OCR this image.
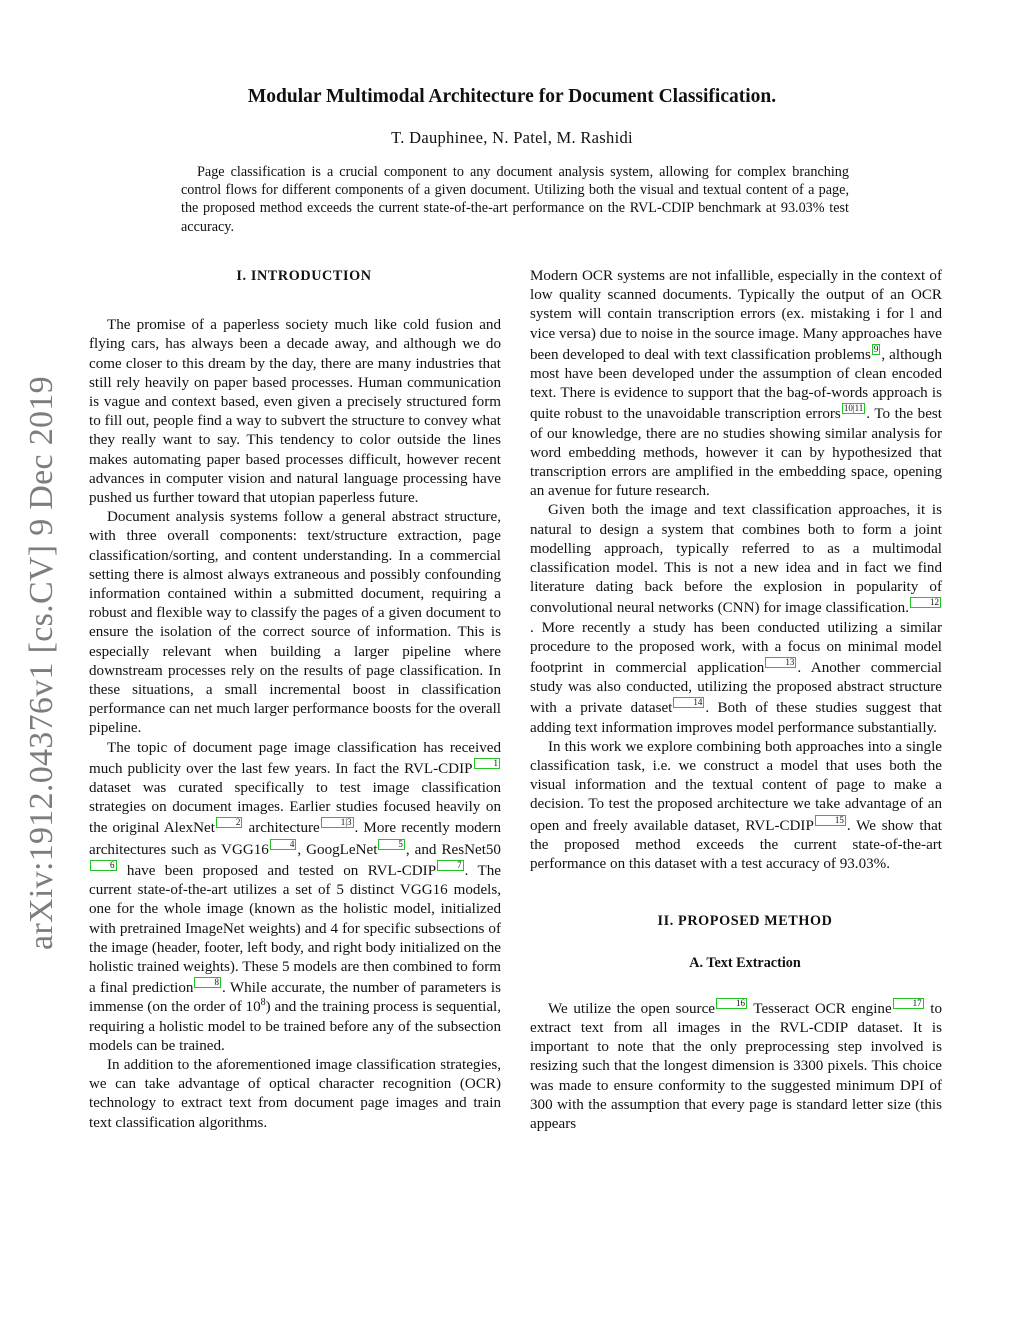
arXiv:1912.04376v1 [cs.CV] 9 Dec 2019
Modular Multimodal Architecture for Document Classification.
T. Dauphinee, N. Patel, M. Rashidi

Page classification is a crucial component to any document analysis system, allowing for complex branching control flows for different components of a given document. Utilizing both the visual and textual content of a page, the proposed method exceeds the current state-of-the-art performance on the RVL-CDIP benchmark at 93.03% test accuracy.

I. INTRODUCTION

The promise of a paperless society much like cold fusion and flying cars, has always been a decade away, and although we do come closer to this dream by the day, there are many industries that still rely heavily on paper based processes. Human communication is vague and context based, even given a precisely structured form to fill out, people find a way to subvert the structure to convey what they really want to say. This tendency to color outside the lines makes automating paper based processes difficult, however recent advances in computer vision and natural language processing have pushed us further toward that utopian paperless future.

Document analysis systems follow a general abstract structure, with three overall components: text/structure extraction, page classification/sorting, and content understanding. In a commercial setting there is almost always extraneous and possibly confounding information contained within a submitted document, requiring a robust and flexible way to classify the pages of a given document to ensure the isolation of the correct source of information. This is especially relevant when building a larger pipeline where downstream processes rely on the results of page classification. In these situations, a small incremental boost in classification performance can net much larger performance boosts for the overall pipeline.

The topic of document page image classification has received much publicity over the last few years. In fact the RVL-CDIP 1 dataset was curated specifically to test image classification strategies on document images. Earlier studies focused heavily on the original AlexNet 2 architecture 1|3 . More recently modern architectures such as VGG16 4 , GoogLeNet 5 , and ResNet506 have been proposed and tested on RVL-CDIP 7 . The current state-of-the-art utilizes a set of 5 distinct VGG16 models, one for the whole image (known as the holistic model, initialized with pretrained ImageNet weights) and 4 for specific subsections of the image (header, footer, left body, and right body initialized on the holistic trained weights). These 5 models are then combined to form a final prediction 8 . While accurate, the number of parameters is immense (on the order of $10^8$) and the training process is sequential, requiring a holistic model to be trained before any of the subsection models can be trained.

In addition to the aforementioned image classification strategies, we can take advantage of optical character recognition (OCR) technology to extract text from document page images and train text classification algorithms.

Modern OCR systems are not infallible, especially in the context of low quality scanned documents. Typically the output of an OCR system will contain transcription errors (ex. mistaking i for l and vice versa) due to noise in the source image. Many approaches have been developed to deal with text classification problems 9 , although most have been developed under the assumption of clean encoded text. There is evidence to support that the bag-of-words approach is quite robust to the unavoidable transcription errors 10|11 . To the best of our knowledge, there are no studies showing similar analysis for word embedding methods, however it can by hypothesized that transcription errors are amplified in the embedding space, opening an avenue for future research.

Given both the image and text classification approaches, it is natural to design a system that combines both to form a joint modelling approach, typically referred to as a multimodal classification model. This is not a new idea and in fact we find literature dating back before the explosion in popularity of convolutional neural networks (CNN) for image classification. 12. More recently a study has been conducted utilizing a similar procedure to the proposed work, with a focus on minimal model footprint in commercial application 13 . Another commercial study was also conducted, utilizing the proposed abstract structure with a private dataset 14 . Both of these studies suggest that adding text information improves model performance substantially.

In this work we explore combining both approaches into a single classification task, i.e. we construct a model that uses both the visual information and the textual content of page to make a decision. To test the proposed architecture we take advantage of an open and freely available dataset, RVL-CDIP 15 . We show that the proposed method exceeds the current state-of-the-art performance on this dataset with a test accuracy of 93.03%.

II. PROPOSED METHOD

A. Text Extraction

We utilize the open source 16 Tesseract OCR engine 17 to extract text from all images in the RVL-CDIP dataset. It is important to note that the only preprocessing step involved is resizing such that the longest dimension is 3300 pixels. This choice was made to ensure conformity to the suggested minimum DPI of 300 with the assumption that every page is standard letter size (this appears
